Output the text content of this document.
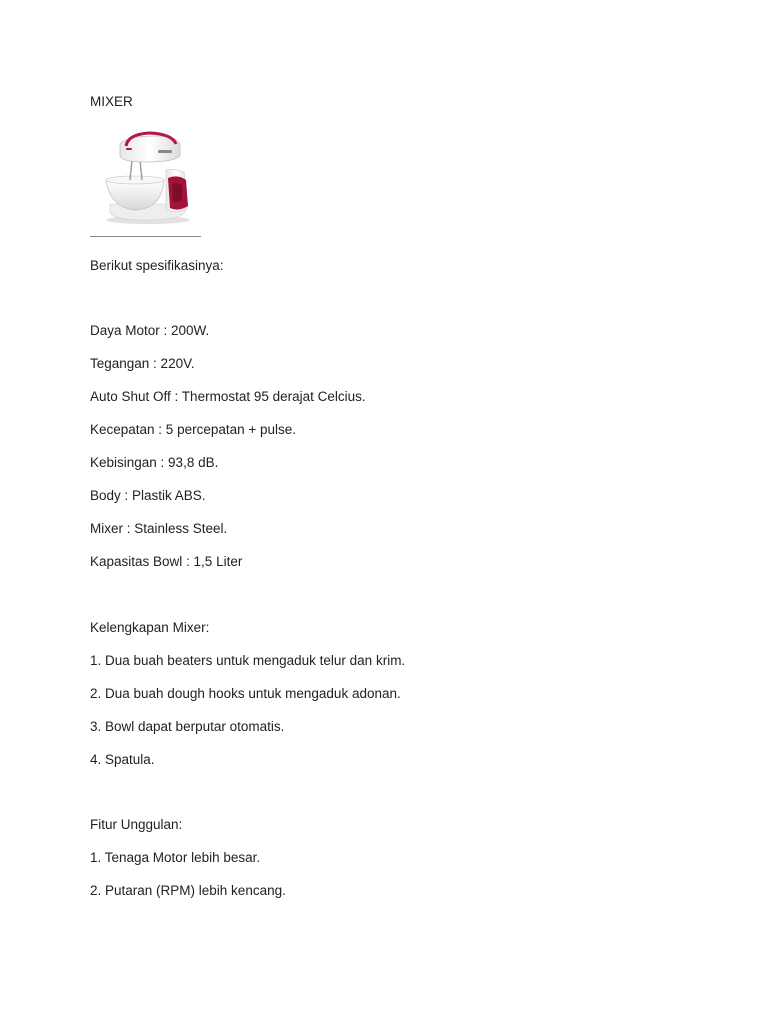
MIXER

Berikut spesifikasinya:

Daya Motor : 200W.

Tegangan : 220V.

Auto Shut Off : Thermostat 95 derajat Celcius.

Kecepatan : 5 percepatan + pulse.

Kebisingan : 93,8 dB.

Body : Plastik ABS.

Mixer : Stainless Steel.

Kapasitas Bowl : 1,5 Liter

Kelengkapan Mixer:

1. Dua buah beaters untuk mengaduk telur dan krim.

2. Dua buah dough hooks untuk mengaduk adonan.

3. Bowl dapat berputar otomatis.

4. Spatula.

Fitur Unggulan:

1. Tenaga Motor lebih besar.

2. Putaran (RPM) lebih kencang.
